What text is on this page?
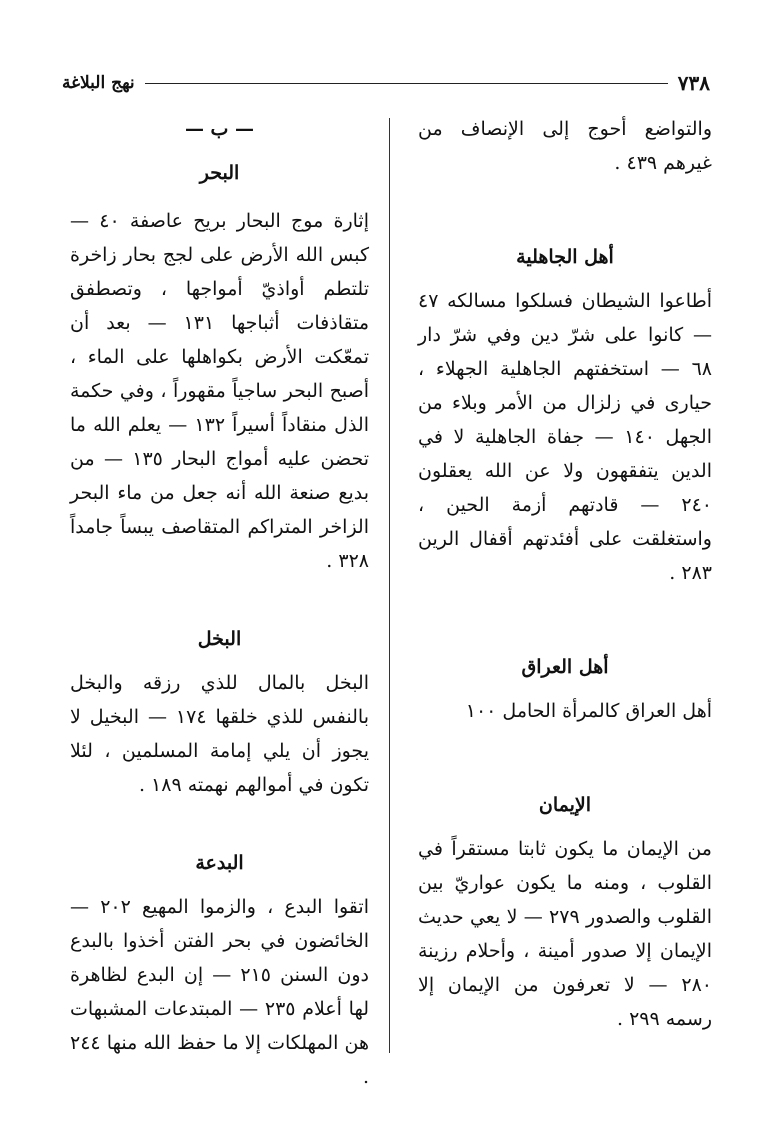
نهج البلاغة	٧٣٨

والتواضع أحوج إلى الإنصاف من غيرهم ٤٣٩ .

أهل الجاهلية

أطاعوا الشيطان فسلكوا مسالكه ٤٧ — كانوا على شرّ دين وفي شرّ دار ٦٨ — استخفتهم الجاهلية الجهلاء ، حيارى في زلزال من الأمر وبلاء من الجهل ١٤٠ — جفاة الجاهلية لا في الدين يتفقهون ولا عن الله يعقلون ٢٤٠ — قادتهم أزمة الحين ، واستغلقت على أفئدتهم أقفال الرين ٢٨٣ .

أهل العراق

أهل العراق كالمرأة الحامل ١٠٠

الإيمان

من الإيمان ما يكون ثابتا مستقراً في القلوب ، ومنه ما يكون عواريّ بين القلوب والصدور ٢٧٩ — لا يعي حديث الإيمان إلا صدور أمينة ، وأحلام رزينة ٢٨٠ — لا تعرفون من الإيمان إلا رسمه ٢٩٩ .

— ب —
البحر

إثارة موج البحار بريح عاصفة ٤٠ — كبس الله الأرض على لجج بحار زاخرة تلتطم أواذيّ أمواجها ، وتصطفق متقاذفات أثباجها ١٣١ — بعد أن تمعّكت الأرض بكواهلها على الماء ، أصبح البحر ساجياً مقهوراً ، وفي حكمة الذل منقاداً أسيراً ١٣٢ — يعلم الله ما تحضن عليه أمواج البحار ١٣٥ — من بديع صنعة الله أنه جعل من ماء البحر الزاخر المتراكم المتقاصف يبساً جامداً ٣٢٨ .

البخل

البخل بالمال للذي رزقه والبخل بالنفس للذي خلقها ١٧٤ — البخيل لا يجوز أن يلي إمامة المسلمين ، لئلا تكون في أموالهم نهمته ١٨٩ .

البدعة

اتقوا البدع ، والزموا المهيع ٢٠٢ — الخائضون في بحر الفتن أخذوا بالبدع دون السنن ٢١٥ — إن البدع لظاهرة لها أعلام ٢٣٥ — المبتدعات المشبهات هن المهلكات إلا ما حفظ الله منها ٢٤٤ .
